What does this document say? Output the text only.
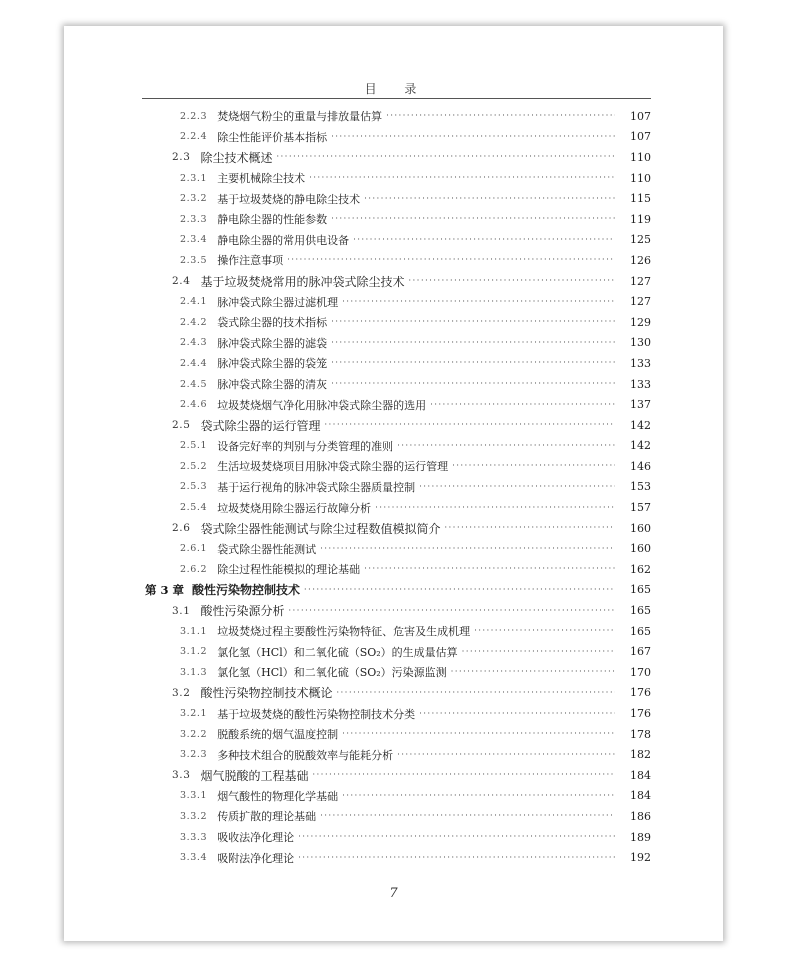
目 录
2.2.3 焚烧烟气粉尘的重量与排放量估算 ·····	107
2.2.4 除尘性能评价基本指标 ·····	107
2.3 除尘技术概述 ·····	110
2.3.1 主要机械除尘技术 ·····	110
2.3.2 基于垃圾焚烧的静电除尘技术 ·····	115
2.3.3 静电除尘器的性能参数 ·····	119
2.3.4 静电除尘器的常用供电设备 ·····	125
2.3.5 操作注意事项 ·····	126
2.4 基于垃圾焚烧常用的脉冲袋式除尘技术 ·····	127
2.4.1 脉冲袋式除尘器过滤机理 ·····	127
2.4.2 袋式除尘器的技术指标 ·····	129
2.4.3 脉冲袋式除尘器的滤袋 ·····	130
2.4.4 脉冲袋式除尘器的袋笼 ·····	133
2.4.5 脉冲袋式除尘器的清灰 ·····	133
2.4.6 垃圾焚烧烟气净化用脉冲袋式除尘器的选用 ·····	137
2.5 袋式除尘器的运行管理 ·····	142
2.5.1 设备完好率的判别与分类管理的准则 ·····	142
2.5.2 生活垃圾焚烧项目用脉冲袋式除尘器的运行管理 ·····	146
2.5.3 基于运行视角的脉冲袋式除尘器质量控制 ·····	153
2.5.4 垃圾焚烧用除尘器运行故障分析 ·····	157
2.6 袋式除尘器性能测试与除尘过程数值模拟简介 ·····	160
2.6.1 袋式除尘器性能测试 ·····	160
2.6.2 除尘过程性能模拟的理论基础 ·····	162
第 3 章 酸性污染物控制技术 ·····	165
3.1 酸性污染源分析 ·····	165
3.1.1 垃圾焚烧过程主要酸性污染物特征、危害及生成机理 ·····	165
3.1.2 氯化氢（HCl）和二氧化硫（SO₂）的生成量估算 ·····	167
3.1.3 氯化氢（HCl）和二氧化硫（SO₂）污染源监测 ·····	170
3.2 酸性污染物控制技术概论 ·····	176
3.2.1 基于垃圾焚烧的酸性污染物控制技术分类 ·····	176
3.2.2 脱酸系统的烟气温度控制 ·····	178
3.2.3 多种技术组合的脱酸效率与能耗分析 ·····	182
3.3 烟气脱酸的工程基础 ·····	184
3.3.1 烟气酸性的物理化学基础 ·····	184
3.3.2 传质扩散的理论基础 ·····	186
3.3.3 吸收法净化理论 ·····	189
3.3.4 吸附法净化理论 ·····	192
7
